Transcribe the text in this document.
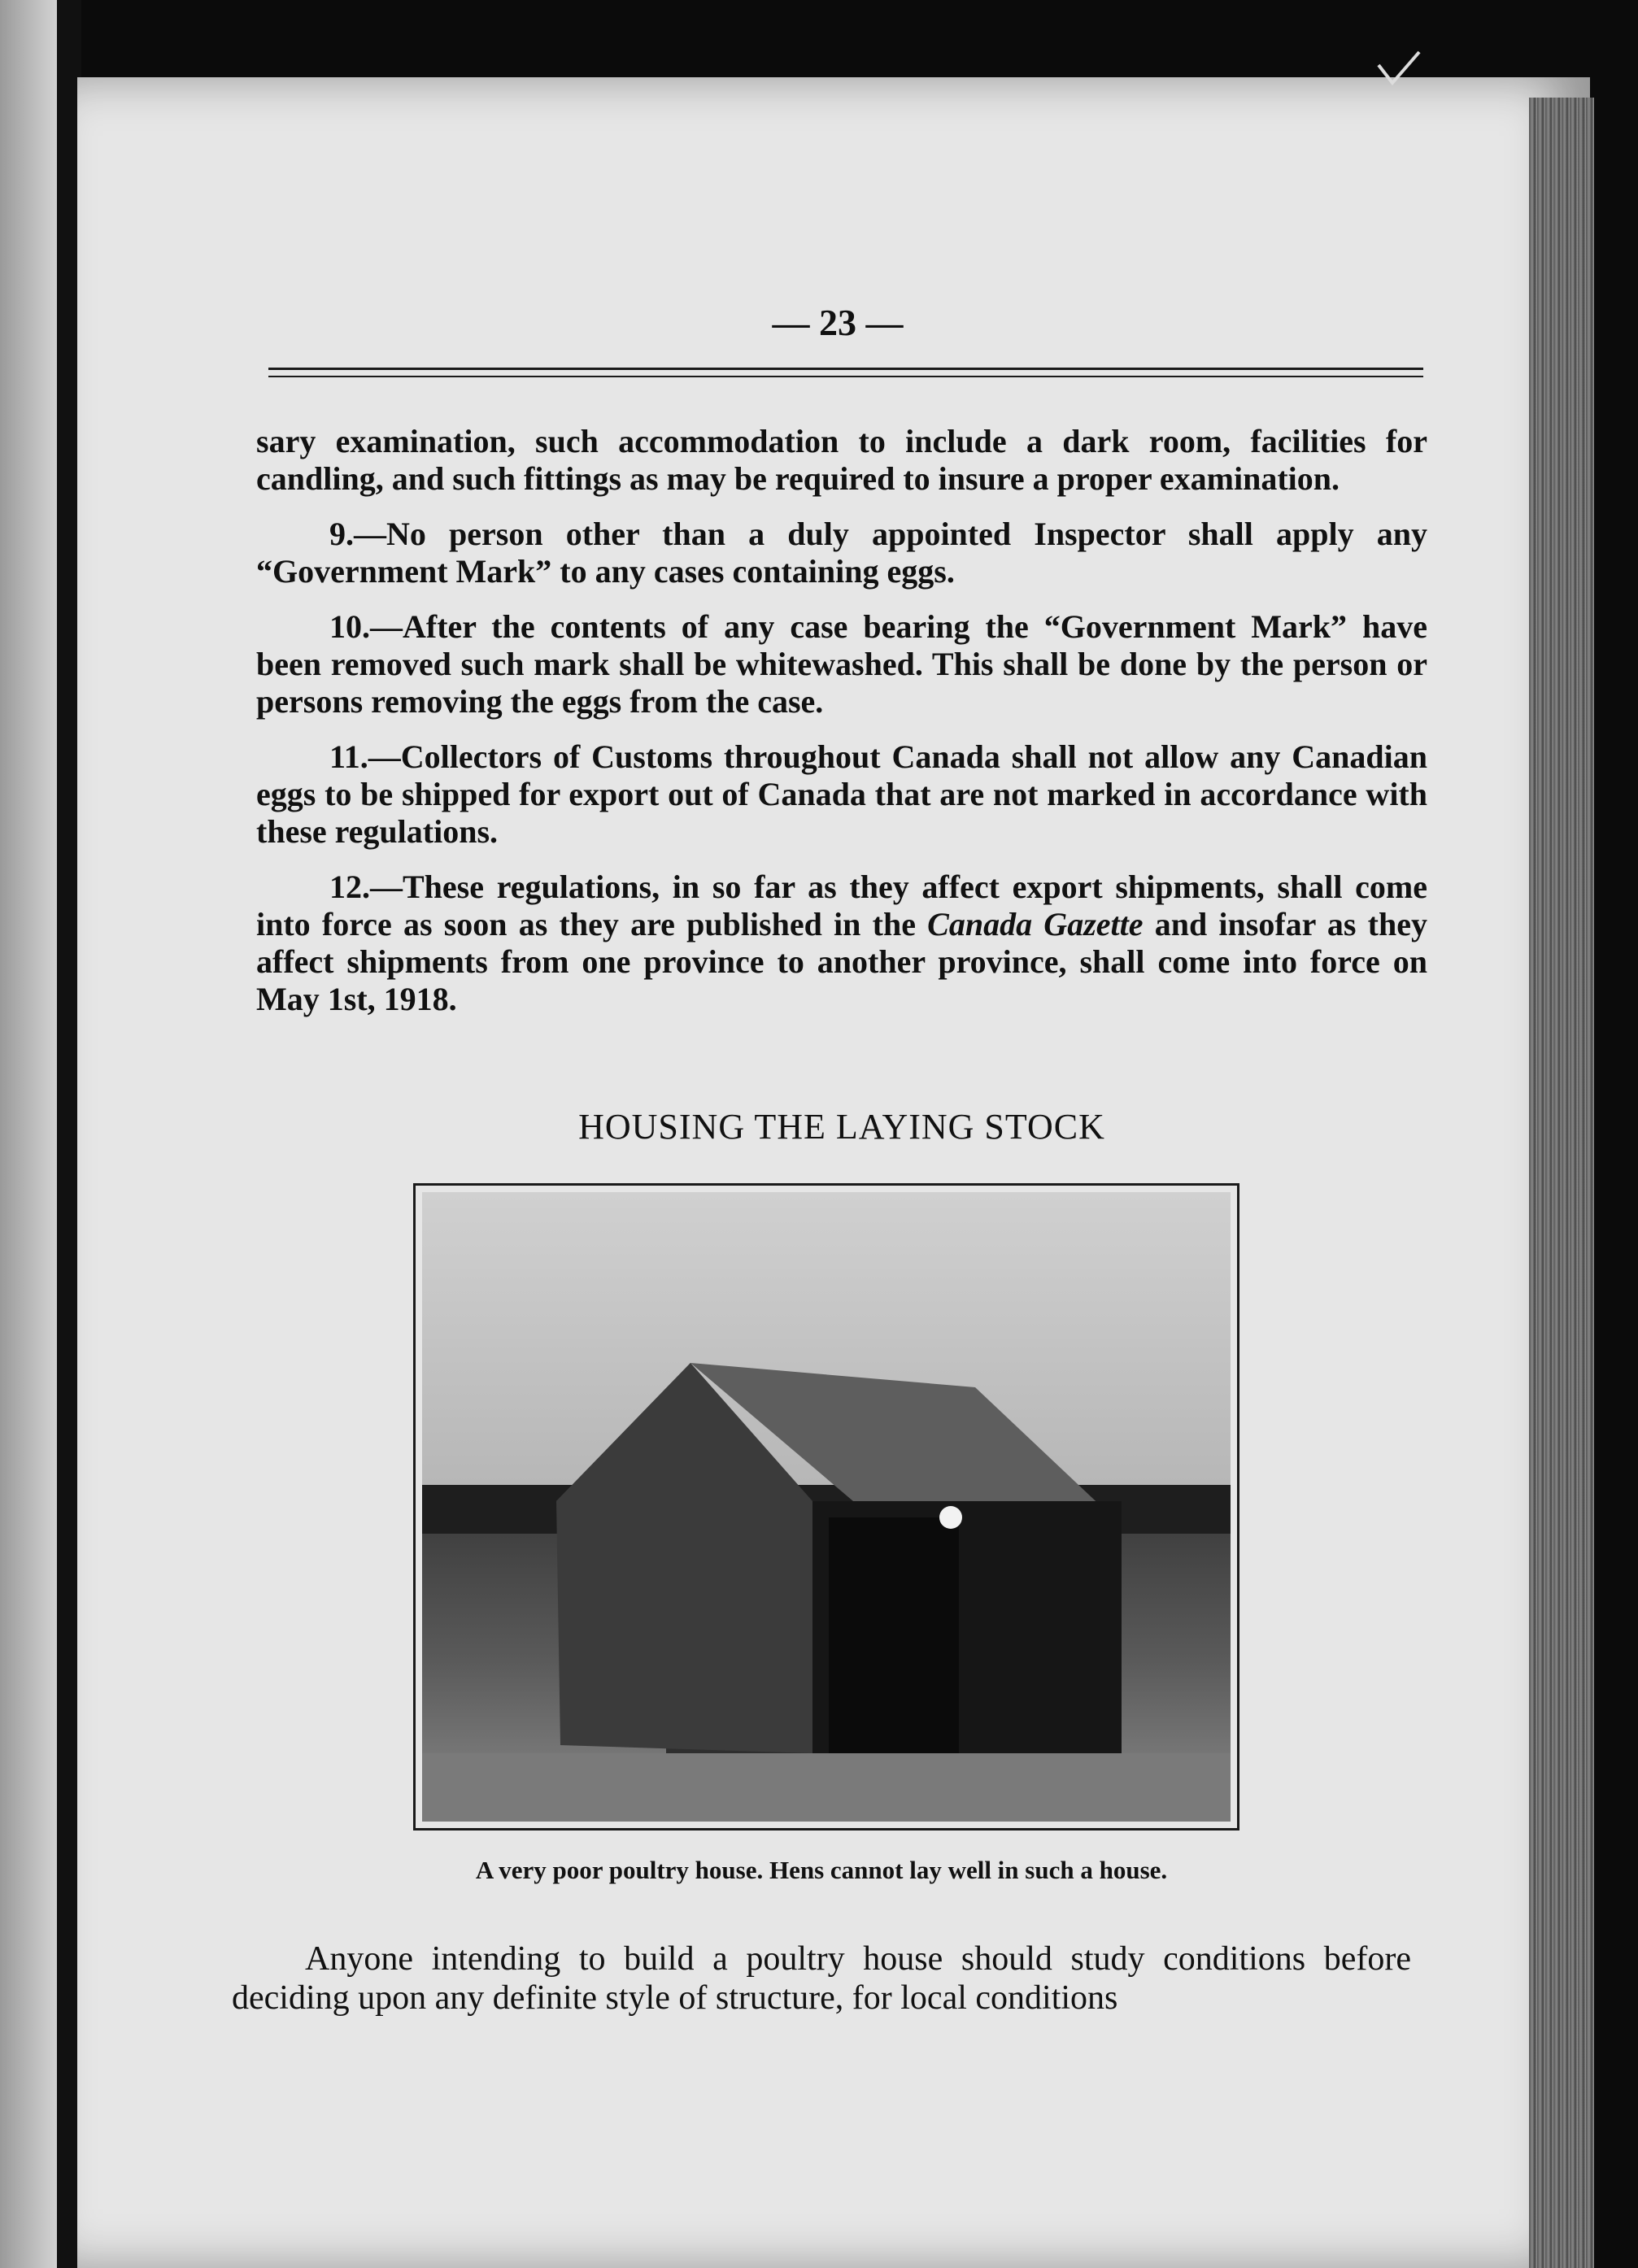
— 23 —

sary examination, such accommodation to include a dark room, facilities for candling, and such fittings as may be required to insure a proper examination.

9.—No person other than a duly appointed Inspector shall apply any “Government Mark” to any cases containing eggs.

10.—After the contents of any case bearing the “Government Mark” have been removed such mark shall be whitewashed. This shall be done by the person or persons removing the eggs from the case.

11.—Collectors of Customs throughout Canada shall not allow any Canadian eggs to be shipped for export out of Canada that are not marked in accordance with these regulations.

12.—These regulations, in so far as they affect export shipments, shall come into force as soon as they are published in the Canada Gazette and insofar as they affect shipments from one province to another province, shall come into force on May 1st, 1918.

HOUSING THE LAYING STOCK
A very poor poultry house. Hens cannot lay well in such a house.

Anyone intending to build a poultry house should study conditions before deciding upon any definite style of structure, for local conditions
